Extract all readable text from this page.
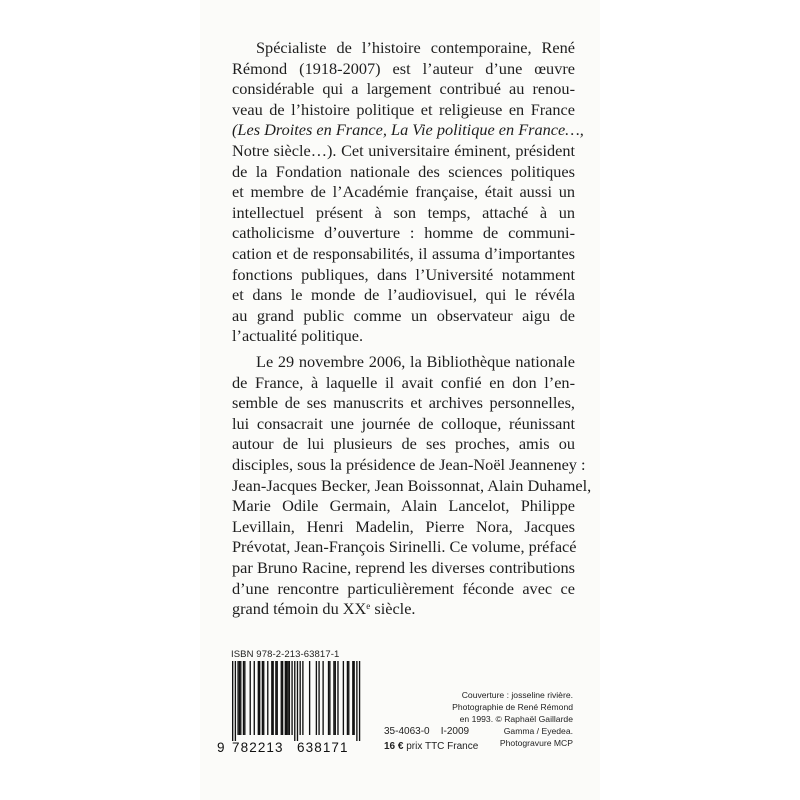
Spécialiste de l’histoire contemporaine, René
Rémond (1918-2007) est l’auteur d’une œuvre
considérable qui a largement contribué au renou-
veau de l’histoire politique et religieuse en France
(Les Droites en France, La Vie politique en France…,
Notre siècle…). Cet universitaire éminent, président
de la Fondation nationale des sciences politiques
et membre de l’Académie française, était aussi un
intellectuel présent à son temps, attaché à un
catholicisme d’ouverture : homme de communi-
cation et de responsabilités, il assuma d’importantes
fonctions publiques, dans l’Université notamment
et dans le monde de l’audiovisuel, qui le révéla
au grand public comme un observateur aigu de
l’actualité politique.
Le 29 novembre 2006, la Bibliothèque nationale
de France, à laquelle il avait confié en don l’en-
semble de ses manuscrits et archives personnelles,
lui consacrait une journée de colloque, réunissant
autour de lui plusieurs de ses proches, amis ou
disciples, sous la présidence de Jean-Noël Jeanneney :
Jean-Jacques Becker, Jean Boissonnat, Alain Duhamel,
Marie Odile Germain, Alain Lancelot, Philippe
Levillain, Henri Madelin, Pierre Nora, Jacques
Prévotat, Jean-François Sirinelli. Ce volume, préfacé
par Bruno Racine, reprend les diverses contributions
d’une rencontre particulièrement féconde avec ce
grand témoin du XXe siècle.
ISBN 978-2-213-63817-1
9 782213 638171
35-4063-0 I-2009
16 € prix TTC France
Couverture : josseline rivière.
Photographie de René Rémond
en 1993. © Raphaël Gaillarde
Gamma / Eyedea.
Photogravure MCP
